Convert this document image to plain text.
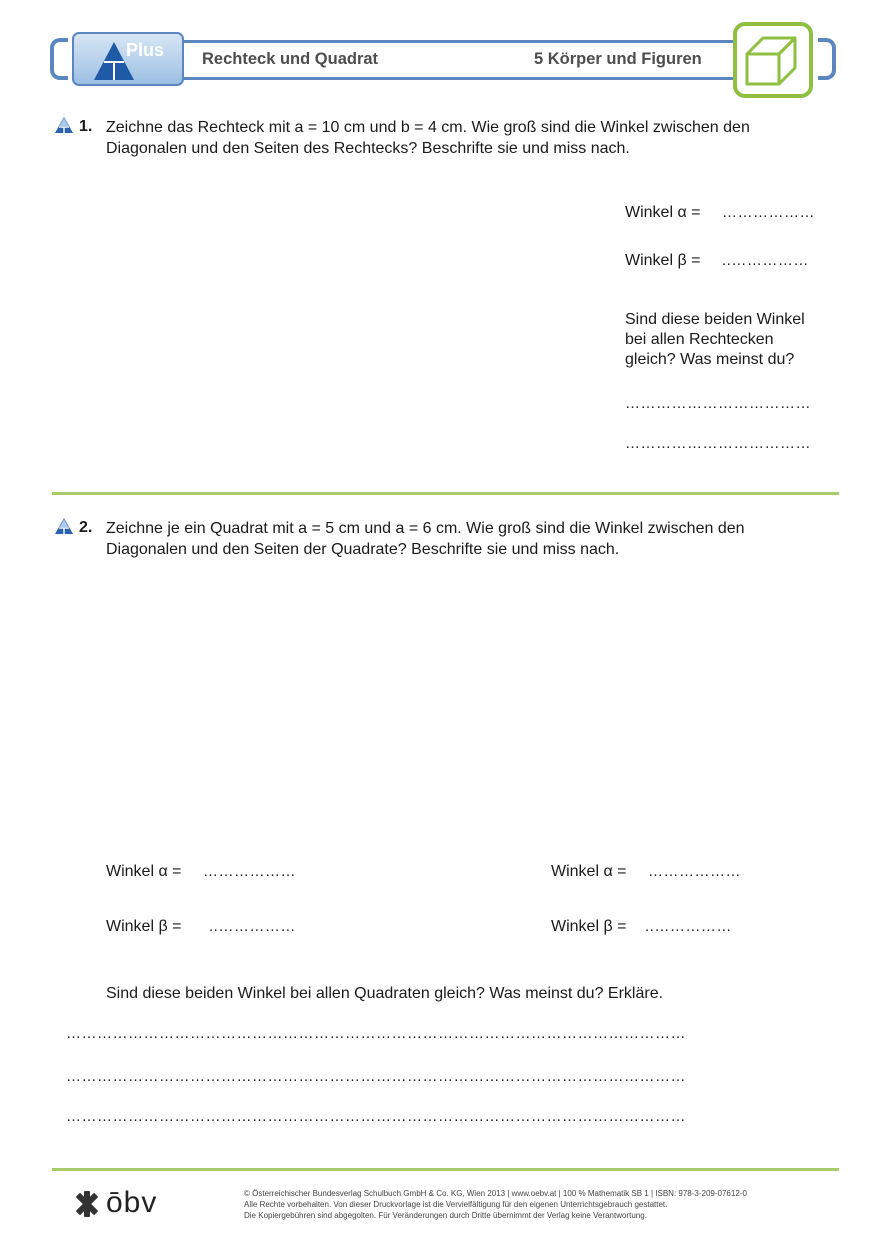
Plus Rechteck und Quadrat	5 Körper und Figuren
1. Zeichne das Rechteck mit a = 10 cm und b = 4 cm. Wie groß sind die Winkel zwischen den
Diagonalen und den Seiten des Rechtecks? Beschrifte sie und miss nach.
Winkel α = ………………
Winkel β = ..……………
Sind diese beiden Winkel
bei allen Rechtecken
gleich? Was meinst du?
………………………………
………………………………
2. Zeichne je ein Quadrat mit a = 5 cm und a = 6 cm. Wie groß sind die Winkel zwischen den
Diagonalen und den Seiten der Quadrate? Beschrifte sie und miss nach.
Winkel α = ………………
Winkel β = ..……………
Winkel α = ………………
Winkel β = ..……………
Sind diese beiden Winkel bei allen Quadraten gleich? Was meinst du? Erkläre.
…………………………………………………………………………………………………………
…………………………………………………………………………………………………………
…………………………………………………………………………………………………………
ōbv	© Österreichischer Bundesverlag Schulbuch GmbH & Co. KG, Wien 2013 | www.oebv.at | 100 % Mathematik SB 1 | ISBN: 978-3-209-07612-0
Alle Rechte vorbehalten. Von dieser Druckvorlage ist die Vervielfältigung für den eigenen Unterrichtsgebrauch gestattet.
Die Kopiergebühren sind abgegolten. Für Veränderungen durch Dritte übernimmt der Verlag keine Verantwortung.
